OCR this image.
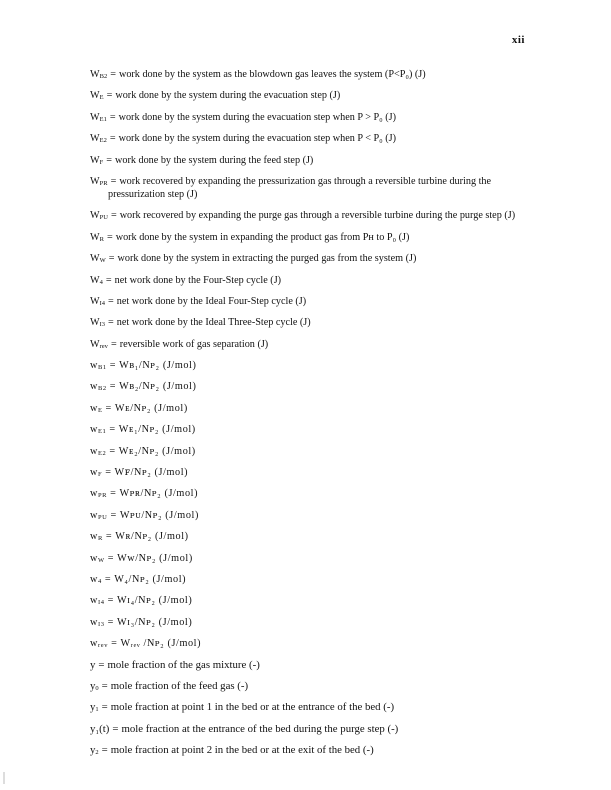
xii
$W_{B2}$ = work done by the system as the blowdown gas leaves the system (P<P₀) (J)
$W_E$ = work done by the system during the evacuation step (J)
$W_{E1}$ = work done by the system during the evacuation step when P > P₀ (J)
$W_{E2}$ = work done by the system during the evacuation step when P < P₀ (J)
$W_F$ = work done by the system during the feed step (J)
$W_{PR}$ = work recovered by expanding the pressurization gas through a reversible turbine during the pressurization step (J)
$W_{PU}$ = work recovered by expanding the purge gas through a reversible turbine during the purge step (J)
$W_R$ = work done by the system in expanding the product gas from Pʜ to P₀ (J)
$W_W$ = work done by the system in extracting the purged gas from the system (J)
$W_4$ = net work done by the Four-Step cycle (J)
$W_{I4}$ = net work done by the Ideal Four-Step cycle (J)
$W_{I3}$ = net work done by the Ideal Three-Step cycle (J)
$W_{rev}$ = reversible work of gas separation (J)
$w_{B1}$ = Wʙ₁/Nᴘ₂ (J/mol)
$w_{B2}$ = Wʙ₂/Nᴘ₂ (J/mol)
$w_E$ = Wᴇ/Nᴘ₂ (J/mol)
$w_{E1}$ = Wᴇ₁/Nᴘ₂ (J/mol)
$w_{E2}$ = Wᴇ₂/Nᴘ₂ (J/mol)
$w_F$ = Wꜰ/Nᴘ₂ (J/mol)
$w_{PR}$ = Wᴘʀ/Nᴘ₂ (J/mol)
$w_{PU}$ = Wᴘᴜ/Nᴘ₂ (J/mol)
$w_R$ = Wʀ/Nᴘ₂ (J/mol)
$w_W$ = Wᴡ/Nᴘ₂ (J/mol)
$w_4$ = W₄/Nᴘ₂ (J/mol)
$w_{I4}$ = Wɪ₄/Nᴘ₂ (J/mol)
$w_{I3}$ = Wɪ₃/Nᴘ₂ (J/mol)
$w_{rev}$ = Wᵣₑᵥ /Nᴘ₂ (J/mol)
y = mole fraction of the gas mixture (-)
$y_0$ = mole fraction of the feed gas (-)
$y_1$ = mole fraction at point 1 in the bed or at the entrance of the bed (-)
y₁(t) = mole fraction at the entrance of the bed during the purge step (-)
$y_2$ = mole fraction at point 2 in the bed or at the exit of the bed (-)
